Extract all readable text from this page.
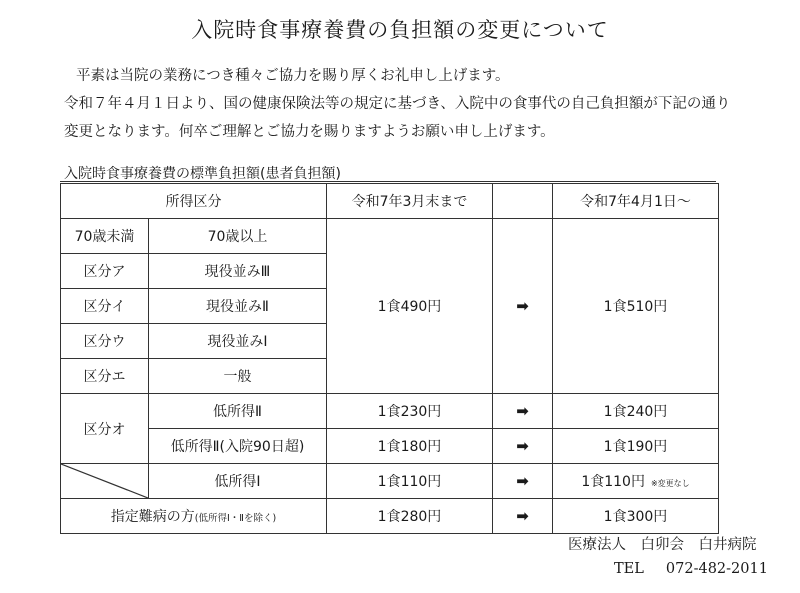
入院時食事療養費の負担額の変更について
平素は当院の業務につき種々ご協力を賜り厚くお礼申し上げます。
令和７年４月１日より、国の健康保険法等の規定に基づき、入院中の食事代の自己負担額が下記の通り
変更となります。何卒ご理解とご協力を賜りますようお願い申し上げます。
入院時食事療養費の標準負担額(患者負担額)
所得区分		令和7年3月末まで		令和7年4月1日～
70歳未満	70歳以上	1食490円	➡	1食510円
区分ア	現役並みⅢ			
区分イ	現役並みⅡ			
区分ウ	現役並みⅠ			
区分エ	一般			
区分オ	低所得Ⅱ	1食230円	➡	1食240円
	低所得Ⅱ(入院90日超)	1食180円	➡	1食190円

	低所得Ⅰ	1食110円	➡	1食110円 ※変更なし
指定難病の方(低所得Ⅰ・Ⅱを除く)		1食280円	➡	1食300円
医療法人　白卯会　白井病院
TEL 072-482-2011
